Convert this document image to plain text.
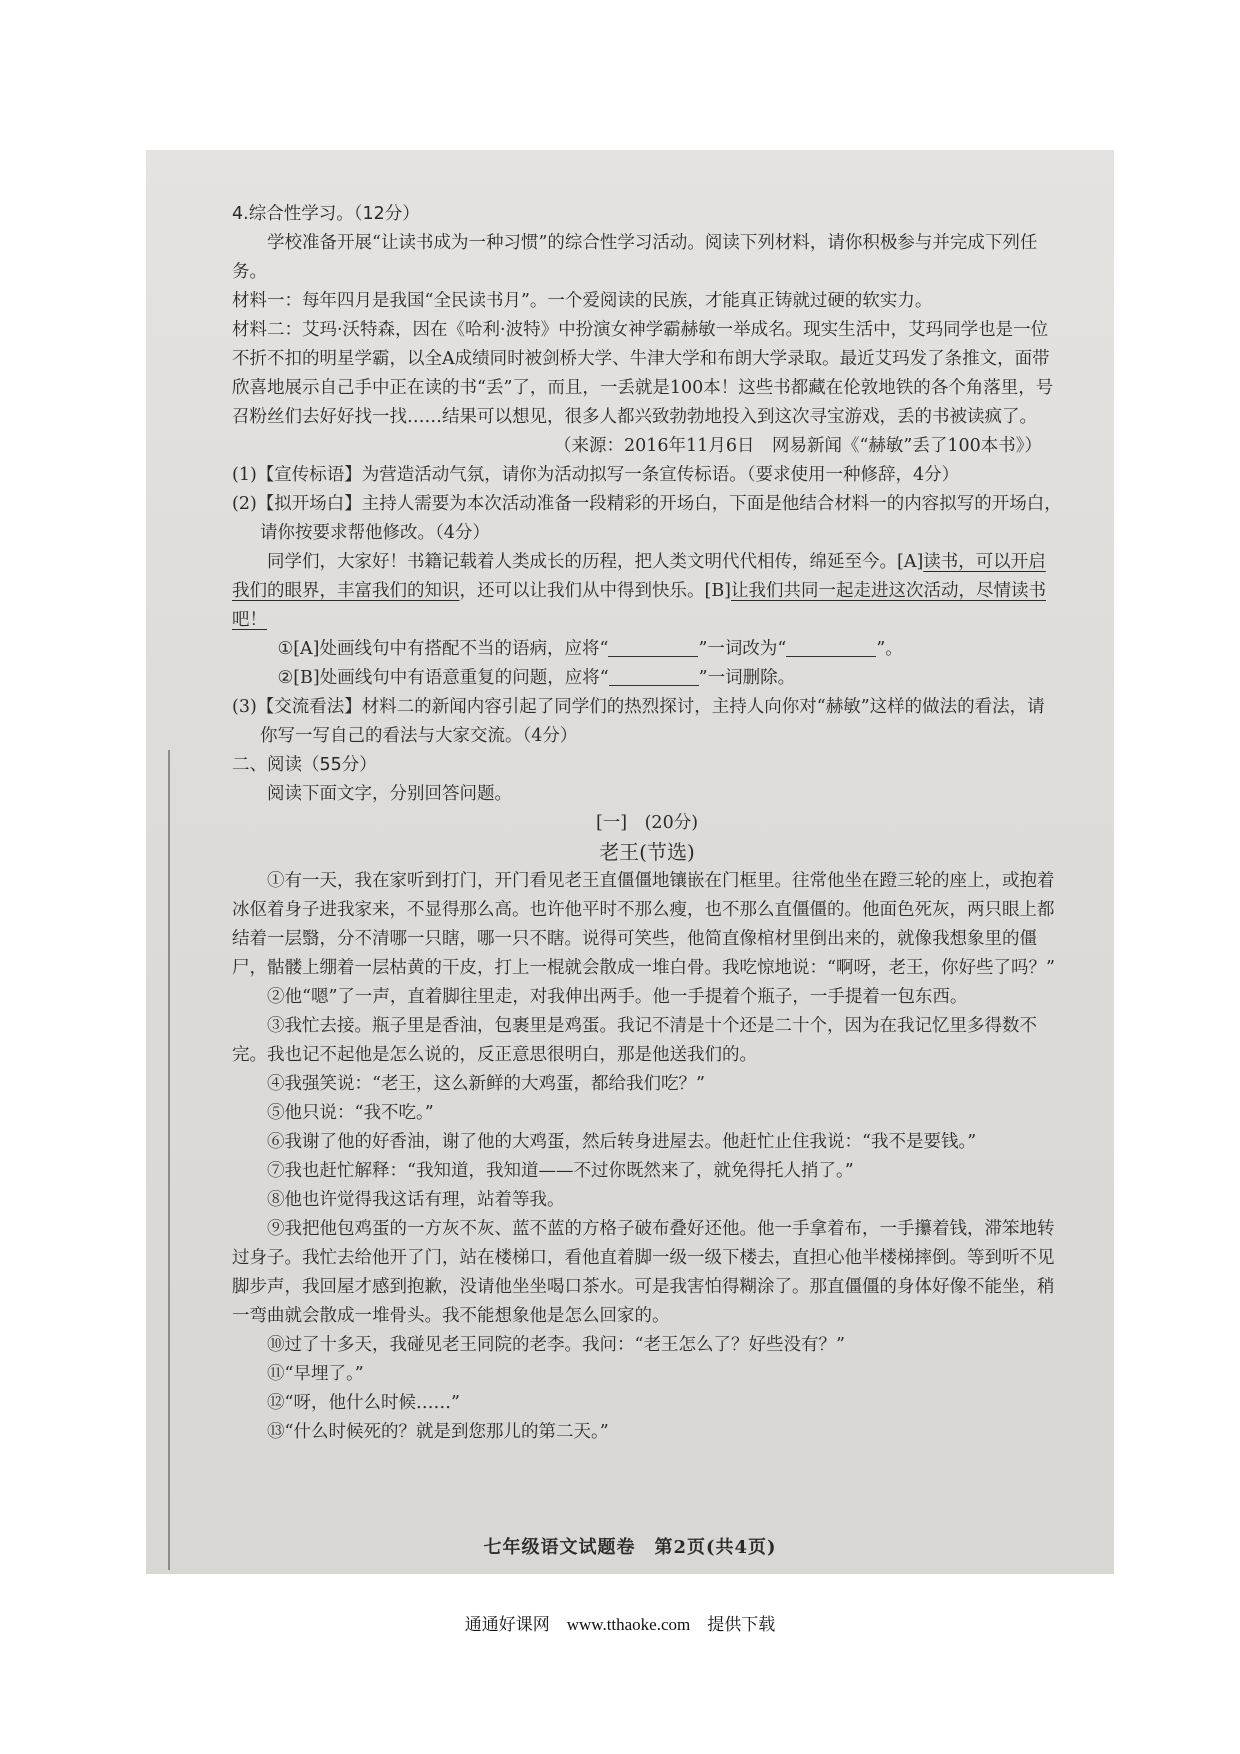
4.综合性学习。（12分）

学校准备开展“让读书成为一种习惯”的综合性学习活动。阅读下列材料，请你积极参与并完成下列任务。

材料一：每年四月是我国“全民读书月”。一个爱阅读的民族，才能真正铸就过硬的软实力。

材料二：艾玛·沃特森，因在《哈利·波特》中扮演女神学霸赫敏一举成名。现实生活中，艾玛同学也是一位不折不扣的明星学霸，以全A成绩同时被剑桥大学、牛津大学和布朗大学录取。最近艾玛发了条推文，面带欣喜地展示自己手中正在读的书“丢”了，而且，一丢就是100本！这些书都藏在伦敦地铁的各个角落里，号召粉丝们去好好找一找……结果可以想见，很多人都兴致勃勃地投入到这次寻宝游戏，丢的书被读疯了。

（来源：2016年11月6日　网易新闻《“赫敏”丢了100本书》）

(1)【宣传标语】为营造活动气氛，请你为活动拟写一条宣传标语。（要求使用一种修辞，4分）

(2)【拟开场白】主持人需要为本次活动准备一段精彩的开场白，下面是他结合材料一的内容拟写的开场白，请你按要求帮他修改。（4分）

同学们，大家好！书籍记载着人类成长的历程，把人类文明代代相传，绵延至今。[A]读书，可以开启我们的眼界，丰富我们的知识，还可以让我们从中得到快乐。[B]让我们共同一起走进这次活动，尽情读书吧！

①[A]处画线句中有搭配不当的语病，应将“	”一词改为“	”。

②[B]处画线句中有语意重复的问题，应将“	”一词删除。

(3)【交流看法】材料二的新闻内容引起了同学们的热烈探讨，主持人向你对“赫敏”这样的做法的看法，请你写一写自己的看法与大家交流。（4分）

二、阅读（55分）

阅读下面文字，分别回答问题。

[一]　(20分)

老王(节选)

①有一天，我在家听到打门，开门看见老王直僵僵地镶嵌在门框里。往常他坐在蹬三轮的座上，或抱着冰伛着身子进我家来，不显得那么高。也许他平时不那么瘦，也不那么直僵僵的。他面色死灰，两只眼上都结着一层翳，分不清哪一只瞎，哪一只不瞎。说得可笑些，他简直像棺材里倒出来的，就像我想象里的僵尸，骷髅上绷着一层枯黄的干皮，打上一棍就会散成一堆白骨。我吃惊地说：“啊呀，老王，你好些了吗？”

②他“嗯”了一声，直着脚往里走，对我伸出两手。他一手提着个瓶子，一手提着一包东西。

③我忙去接。瓶子里是香油，包裹里是鸡蛋。我记不清是十个还是二十个，因为在我记忆里多得数不完。我也记不起他是怎么说的，反正意思很明白，那是他送我们的。

④我强笑说：“老王，这么新鲜的大鸡蛋，都给我们吃？”

⑤他只说：“我不吃。”

⑥我谢了他的好香油，谢了他的大鸡蛋，然后转身进屋去。他赶忙止住我说：“我不是要钱。”

⑦我也赶忙解释：“我知道，我知道——不过你既然来了，就免得托人捎了。”

⑧他也许觉得我这话有理，站着等我。

⑨我把他包鸡蛋的一方灰不灰、蓝不蓝的方格子破布叠好还他。他一手拿着布，一手攥着钱，滞笨地转过身子。我忙去给他开了门，站在楼梯口，看他直着脚一级一级下楼去，直担心他半楼梯摔倒。等到听不见脚步声，我回屋才感到抱歉，没请他坐坐喝口茶水。可是我害怕得糊涂了。那直僵僵的身体好像不能坐，稍一弯曲就会散成一堆骨头。我不能想象他是怎么回家的。

⑩过了十多天，我碰见老王同院的老李。我问：“老王怎么了？好些没有？”

⑪“早埋了。”

⑫“呀，他什么时候……”

⑬“什么时候死的？就是到您那儿的第二天。”

七年级语文试题卷　第2页(共4页)
通通好课网　www.tthaoke.com　提供下载
